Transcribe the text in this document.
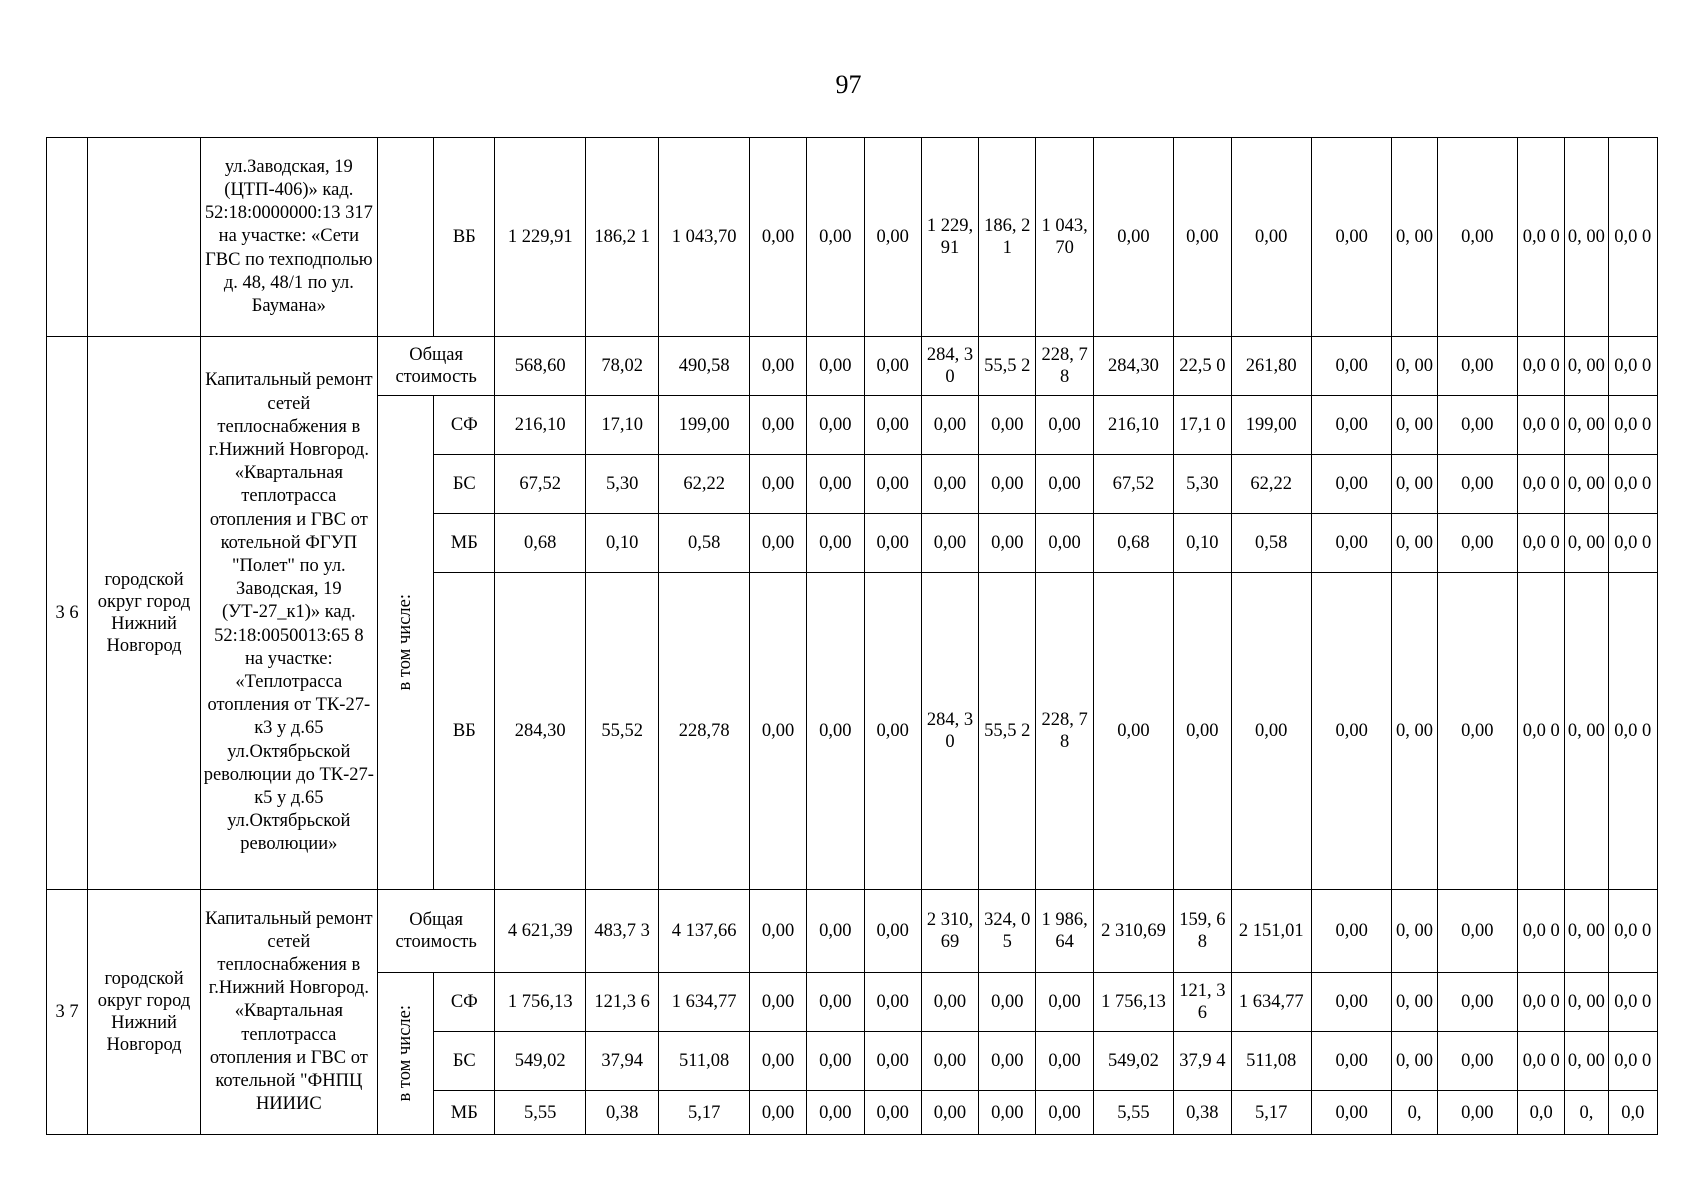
97
		ул.Заводская, 19 (ЦТП-406)» кад. 52:18:0000000:13 317 на участке: «Сети ГВС по техподполью д. 48, 48/1 по ул. Баумана»		ВБ	1 229,91	186,2 1	1 043,70	0,00	0,00	0,00	1 229, 91	186, 21	1 043, 70	0,00	0,00	0,00	0,00	0, 00	0,00	0,0 0	0, 00	0,0 0
3 6	городской округ город Нижний Новгород	Капитальный ремонт сетей теплоснабжения в г.Нижний Новгород. «Квартальная теплотрасса отопления и ГВС от котельной ФГУП "Полет" по ул. Заводская, 19 (УТ-27_к1)» кад. 52:18:0050013:65 8 на участке: «Теплотрасса отопления от ТК-27-к3 у д.65 ул.Октябрьской революции до ТК-27-к5 у д.65 ул.Октябрьской революции»	Общая стоимость		568,60	78,02	490,58	0,00	0,00	0,00	284, 30	55,5 2	228, 78	284,30	22,5 0	261,80	0,00	0, 00	0,00	0,0 0	0, 00	0,0 0

			в том числе:	СФ	216,10	17,10	199,00	0,00	0,00	0,00	0,00	0,00	0,00	216,10	17,1 0	199,00	0,00	0, 00	0,00	0,0 0	0, 00	0,0 0
				БС	67,52	5,30	62,22	0,00	0,00	0,00	0,00	0,00	0,00	67,52	5,30	62,22	0,00	0, 00	0,00	0,0 0	0, 00	0,0 0
				МБ	0,68	0,10	0,58	0,00	0,00	0,00	0,00	0,00	0,00	0,68	0,10	0,58	0,00	0, 00	0,00	0,0 0	0, 00	0,0 0
				ВБ	284,30	55,52	228,78	0,00	0,00	0,00	284, 30	55,5 2	228, 78	0,00	0,00	0,00	0,00	0, 00	0,00	0,0 0	0, 00	0,0 0
3 7	городской округ город Нижний Новгород	Капитальный ремонт сетей теплоснабжения в г.Нижний Новгород. «Квартальная теплотрасса отопления и ГВС от котельной "ФНПЦ НИИИС	Общая стоимость		4 621,39	483,7 3	4 137,66	0,00	0,00	0,00	2 310, 69	324, 05	1 986, 64	2 310,69	159, 68	2 151,01	0,00	0, 00	0,00	0,0 0	0, 00	0,0 0

			в том числе:	СФ	1 756,13	121,3 6	1 634,77	0,00	0,00	0,00	0,00	0,00	0,00	1 756,13	121, 36	1 634,77	0,00	0, 00	0,00	0,0 0	0, 00	0,0 0
				БС	549,02	37,94	511,08	0,00	0,00	0,00	0,00	0,00	0,00	549,02	37,9 4	511,08	0,00	0, 00	0,00	0,0 0	0, 00	0,0 0
				МБ	5,55	0,38	5,17	0,00	0,00	0,00	0,00	0,00	0,00	5,55	0,38	5,17	0,00	0,	0,00	0,0	0,	0,0
